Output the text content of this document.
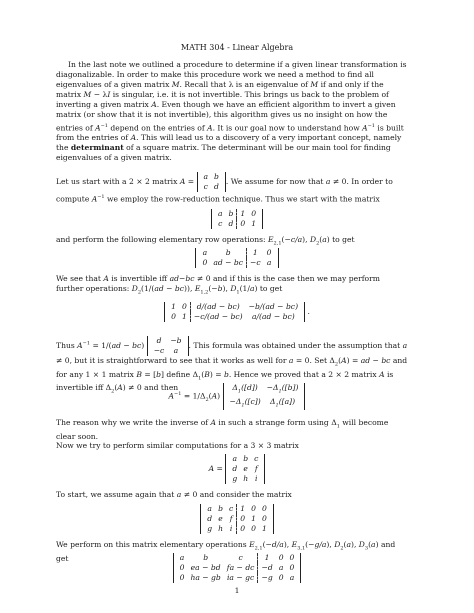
MATH 304 - Linear Algebra
In the last note we outlined a procedure to determine if a given linear transformation is diagonalizable. In order to make this procedure work we need a method to find all eigenvalues of a given matrix M. Recall that λ is an eigenvalue of M if and only if the matrix M − λI is singular, i.e. it is not invertible. This brings us back to the problem of inverting a given matrix A. Even though we have an efficient algorithm to invert a given matrix (or show that it is not invertible), this algorithm gives us no insight on how the entries of $A^{-1}$ depend on the entries of A. It is our goal now to understand how $A^{-1}$ is built from the entries of A. This will lead us to a discovery of a very important concept, namely the determinant of a square matrix. The determinant will be our main tool for finding eigenvalues of a given matrix.
Let us start with a 2 × 2 matrix A =
a	b
c	d
. We assume for now that a ≠ 0. In order to compute $A^{-1}$ we employ the row-reduction technique. Thus we start with the matrix
a	b	1	0
c	d	0	1
and perform the following elementary row operations: $E_{2,1}(-c/a)$, $D_2(a)$ to get
a	b	1	0
0	ad − bc	−c	a
We see that A is invertible iff ad−bc ≠ 0 and if this is the case then we may perform further operations: $D_2(1/(ad - bc))$, $E_{1,2}(-b)$, $D_1(1/a)$ to get
1	0	d/(ad − bc)	−b/(ad − bc)
0	1	−c/(ad − bc)	a/(ad − bc)
.
Thus $A^{-1} = 1/(ad - bc)$
d	−b
−c	a
. This formula was obtained under the assumption that a ≠ 0, but it is straightforward to see that it works as well for a = 0. Set $\Delta_2(A)$ = ad − bc and for any 1 × 1 matrix B = [b] define $\Delta_1(B) = b$. Hence we proved that a 2 × 2 matrix A is invertible iff $\Delta_2(A) \ne 0$ and then
$A^{-1} = 1/\Delta_2(A)$
$\Delta_1([d])$	$-\Delta_1([b])$
$-\Delta_1([c])$	$\Delta_1([a])$
The reason why we write the inverse of A in such a strange form using $\Delta_1$ will become clear soon.
Now we try to perform similar computations for a 3 × 3 matrix
A =
a	b	c
d	e	f
g	h	i
To start, we assume again that a ≠ 0 and consider the matrix
a	b	c	1	0	0
d	e	f	0	1	0
g	h	i	0	0	1
We perform on this matrix elementary operations $E_{2,1}(-d/a)$, $E_{3,1}(-g/a)$, $D_2(a)$, $D_3(a)$ and get	a	b	c	1	0	0
0	ea − bd	fa − dc	−d	a	0
0	ha − gb	ia − gc	−g	0	a
1
